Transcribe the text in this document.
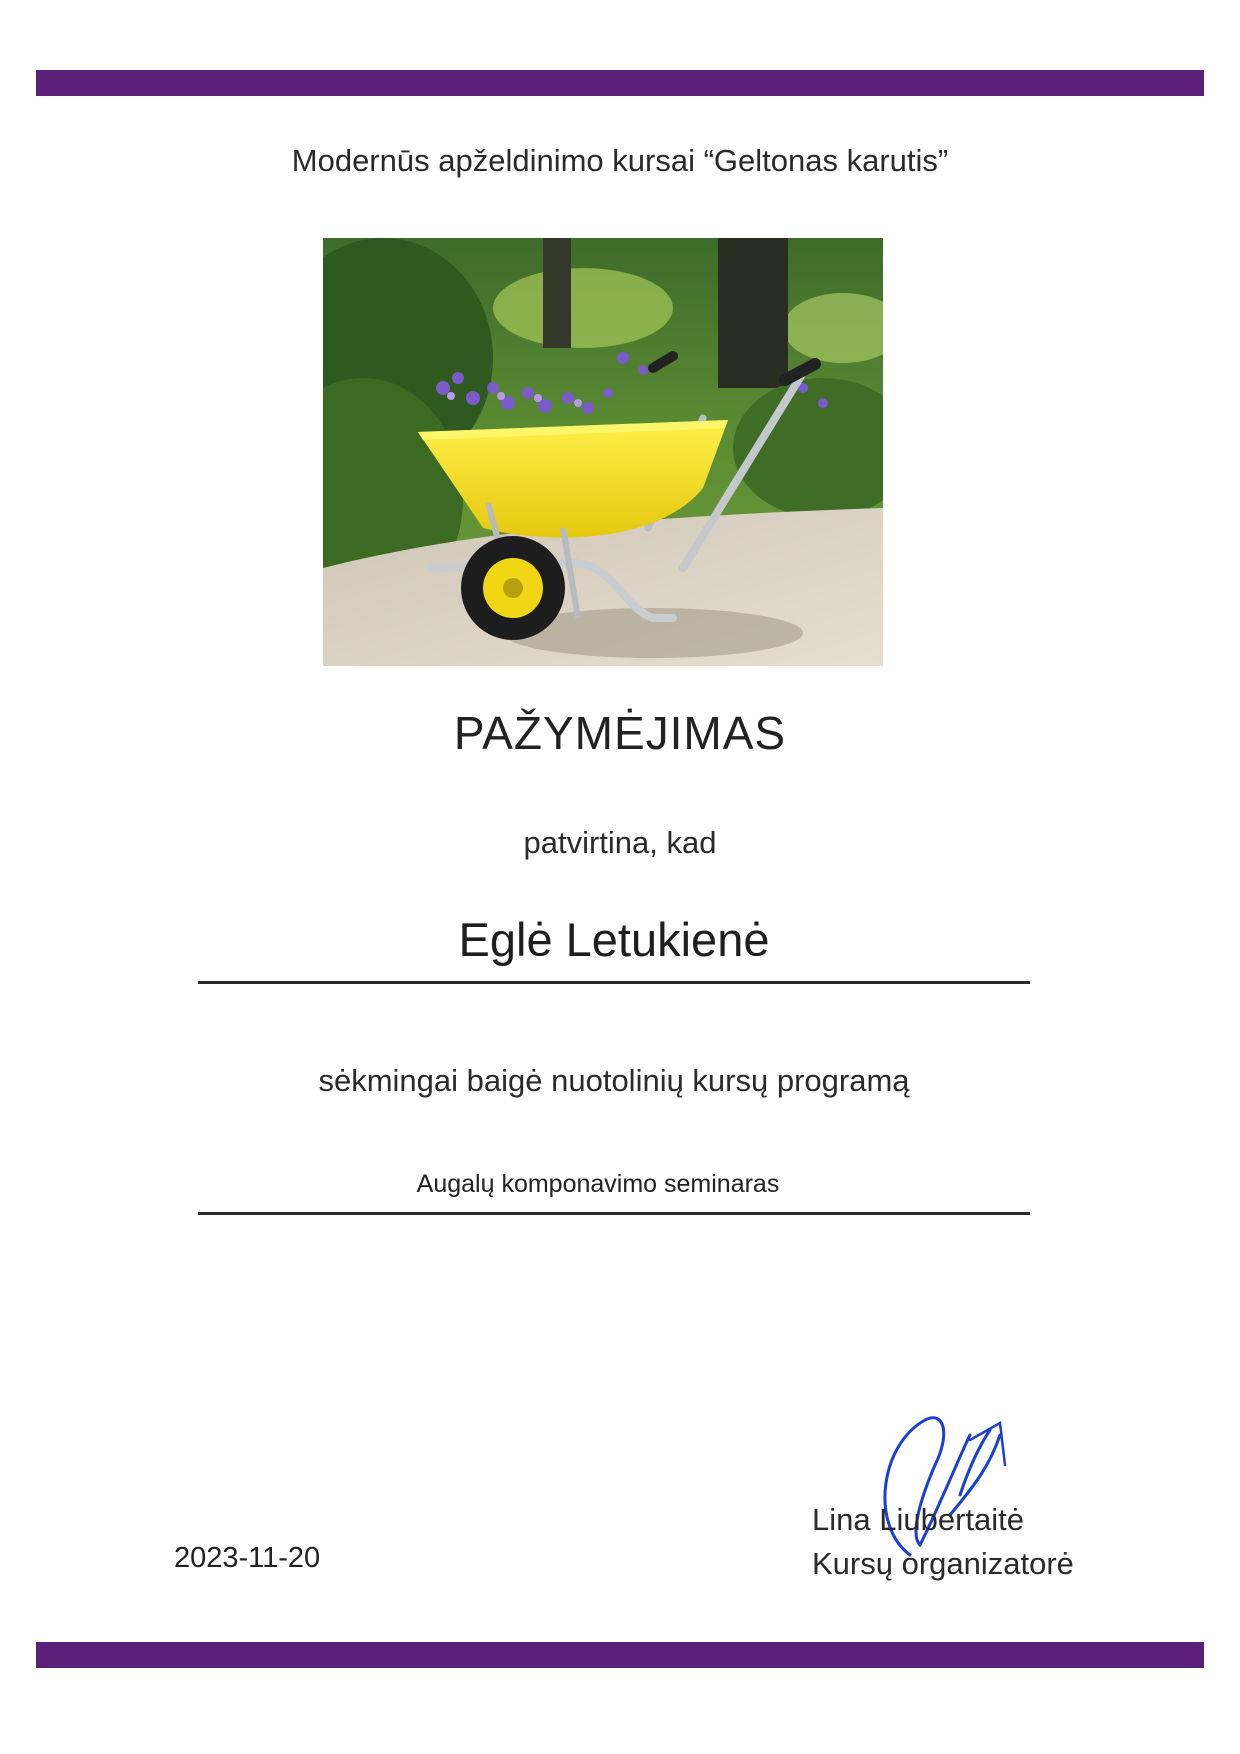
Modernūs apželdinimo kursai “Geltonas karutis”
PAŽYMĖJIMAS
patvirtina, kad
Eglė Letukienė
sėkmingai baigė nuotolinių kursų programą
Augalų komponavimo seminaras
2023-11-20
Lina Liubertaitė
Kursų organizatorė
